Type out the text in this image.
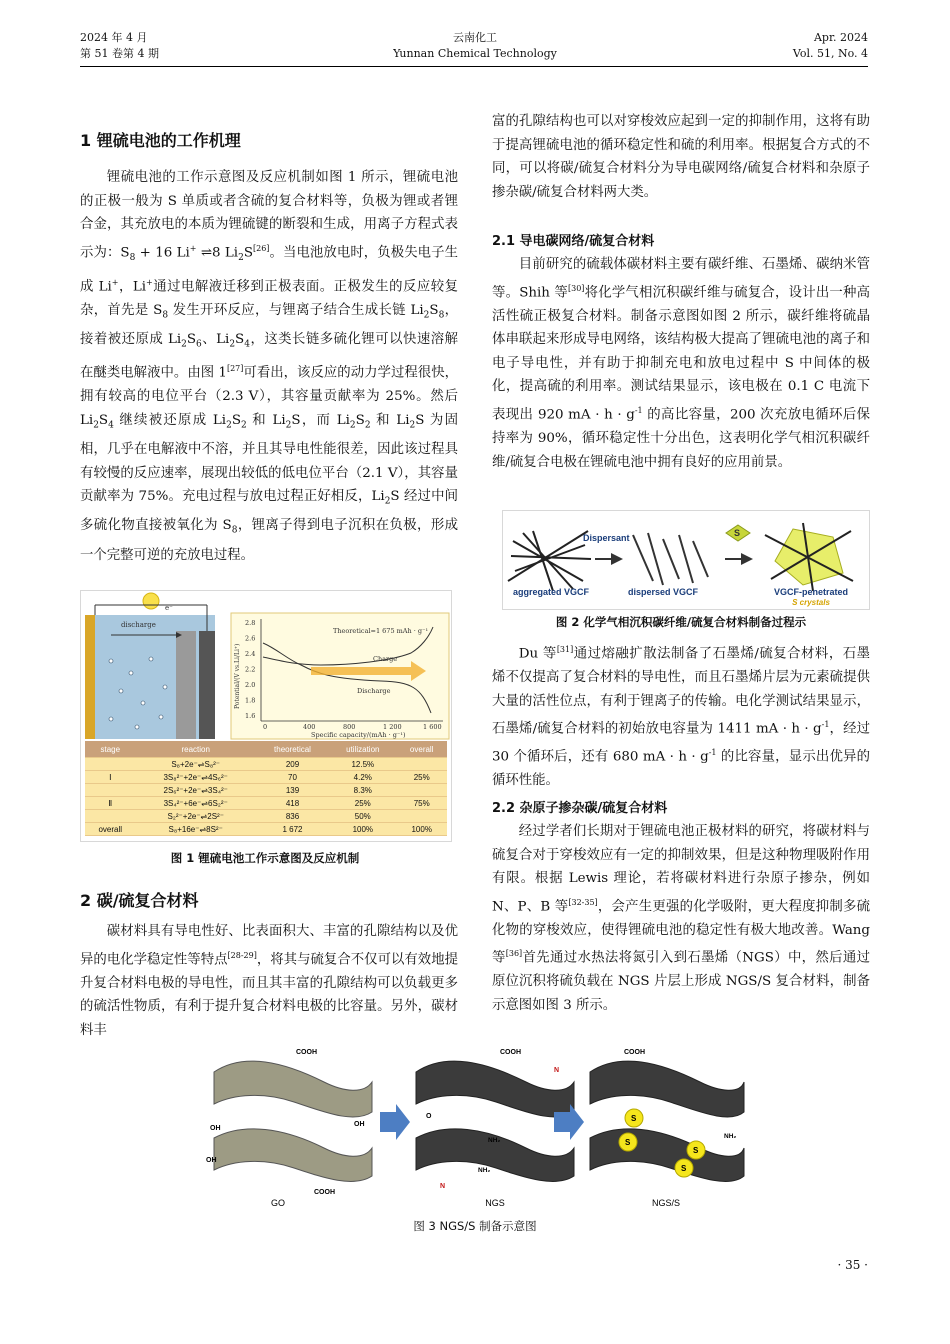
2024 年 4 月
第 51 卷第 4 期
云南化工
Yunnan Chemical Technology
Apr. 2024
Vol. 51, No. 4
1 锂硫电池的工作机理

锂硫电池的工作示意图及反应机制如图 1 所示，锂硫电池的正极一般为 S 单质或者含硫的复合材料等，负极为锂或者锂合金，其充放电的本质为锂硫键的断裂和生成，用离子方程式表示为：$S_8 + 16$ Li+ ⇌8 $Li_2S[26]$。当电池放电时，负极失电子生成 Li+，Li+通过电解液迁移到正极表面。正极发生的反应较复杂，首先是 $S_8$ 发生开环反应，与锂离子结合生成长链 $Li_2S_8$，接着被还原成 $Li_2S_6$、$Li_2S_4$，这类长链多硫化锂可以快速溶解在醚类电解液中。由图 1[27]可看出，该反应的动力学过程很快，拥有较高的电位平台（2.3 V），其容量贡献率为 25%。然后 $Li_2S_4$ 继续被还原成 $Li_2S_2$ 和 $Li_2S$，而 $Li_2S_2$ 和 $Li_2S$ 为固相，几乎在电解液中不溶，并且其导电性能很差，因此该过程具有较慢的反应速率，展现出较低的低电位平台（2.1 V），其容量贡献率为 75%。充电过程与放电过程正好相反，$Li_2S$ 经过中间多硫化物直接被氧化为 $S_8$，锂离子得到电子沉积在负极，形成一个完整可逆的充放电过程。

e⁻
discharge	2.8
2.6
2.4
2.2
2.0
1.8
1.6
0	400	800	1 200	1 600
Theoretical=1 675 mAh · g⁻¹
Charge
Discharge
Specific capacity/(mAh · g⁻¹)
Potential/(V vs.Li/Li⁺)
stage	reaction	theoretical	utilization	overall
	S₈+2e⁻⇌S₈²⁻	209	12.5%	
Ⅰ	3S₈²⁻+2e⁻⇌4S₆²⁻	70	4.2%	25%
	2S₆²⁻+2e⁻⇌3S₄²⁻	139	8.3%	
Ⅱ	3S₄²⁻+6e⁻⇌6S₂²⁻	418	25%	75%
	S₂²⁻+2e⁻⇌2S²⁻	836	50%	
overall	S₈+16e⁻⇌8S²⁻	1 672	100%	100%
图 1 锂硫电池工作示意图及反应机制
2 碳/硫复合材料

碳材料具有导电性好、比表面积大、丰富的孔隙结构以及优异的电化学稳定性等特点[28-29]，将其与硫复合不仅可以有效地提升复合材料电极的导电性，而且其丰富的孔隙结构可以负载更多的硫活性物质，有利于提升复合材料电极的比容量。另外，碳材料丰

富的孔隙结构也可以对穿梭效应起到一定的抑制作用，这将有助于提高锂硫电池的循环稳定性和硫的利用率。根据复合方式的不同，可以将碳/硫复合材料分为导电碳网络/硫复合材料和杂原子掺杂碳/硫复合材料两大类。

2.1 导电碳网络/硫复合材料

目前研究的硫载体碳材料主要有碳纤维、石墨烯、碳纳米管等。Shih 等[30]将化学气相沉积碳纤维与硫复合，设计出一种高活性硫正极复合材料。制备示意图如图 2 所示，碳纤维将硫晶体串联起来形成导电网络，该结构极大提高了锂硫电池的离子和电子导电性，并有助于抑制充电和放电过程中 S 中间体的极化，提高硫的利用率。测试结果显示，该电极在 0.1 C 电流下表现出 920 mA · $h \cdot g^{-1}$ 的高比容量，200 次充放电循环后保持率为 90%，循环稳定性十分出色，这表明化学气相沉积碳纤维/硫复合电极在锂硫电池中拥有良好的应用前景。

aggregated VGCF
Dispersant
dispersed VGCF
S
VGCF-penetrated
S crystals
图 2 化学气相沉积碳纤维/硫复合材料制备过程示

Du 等[31]通过熔融扩散法制备了石墨烯/硫复合材料，石墨烯不仅提高了复合材料的导电性，而且石墨烯片层为元素硫提供大量的活性位点，有利于锂离子的传输。电化学测试结果显示，石墨烯/硫复合材料的初始放电容量为 1411 mA · $h \cdot g^{-1}$，经过 30 个循环后，还有 680 mA · $h \cdot g^{-1}$ 的比容量，显示出优异的循环性能。

2.2 杂原子掺杂碳/硫复合材料

经过学者们长期对于锂硫电池正极材料的研究，将碳材料与硫复合对于穿梭效应有一定的抑制效果，但是这种物理吸附作用有限。根据 Lewis 理论，若将碳材料进行杂原子掺杂，例如 N、P、B 等[32-35]，会产生更强的化学吸附，更大程度抑制多硫化物的穿梭效应，使得锂硫电池的稳定性有极大地改善。Wang 等[36]首先通过水热法将氮引入到石墨烯（NGS）中，然后通过原位沉积将硫负载在 NGS 片层上形成 NGS/S 复合材料，制备示意图如图 3 所示。

COOH
OH
OH
OH
COOH
GO
COOH
O
N
NH₂
NH₂
N
NGS
COOH
S
S
S
S
NH₂
NGS/S
图 3 NGS/S 制备示意图
· 35 ·
